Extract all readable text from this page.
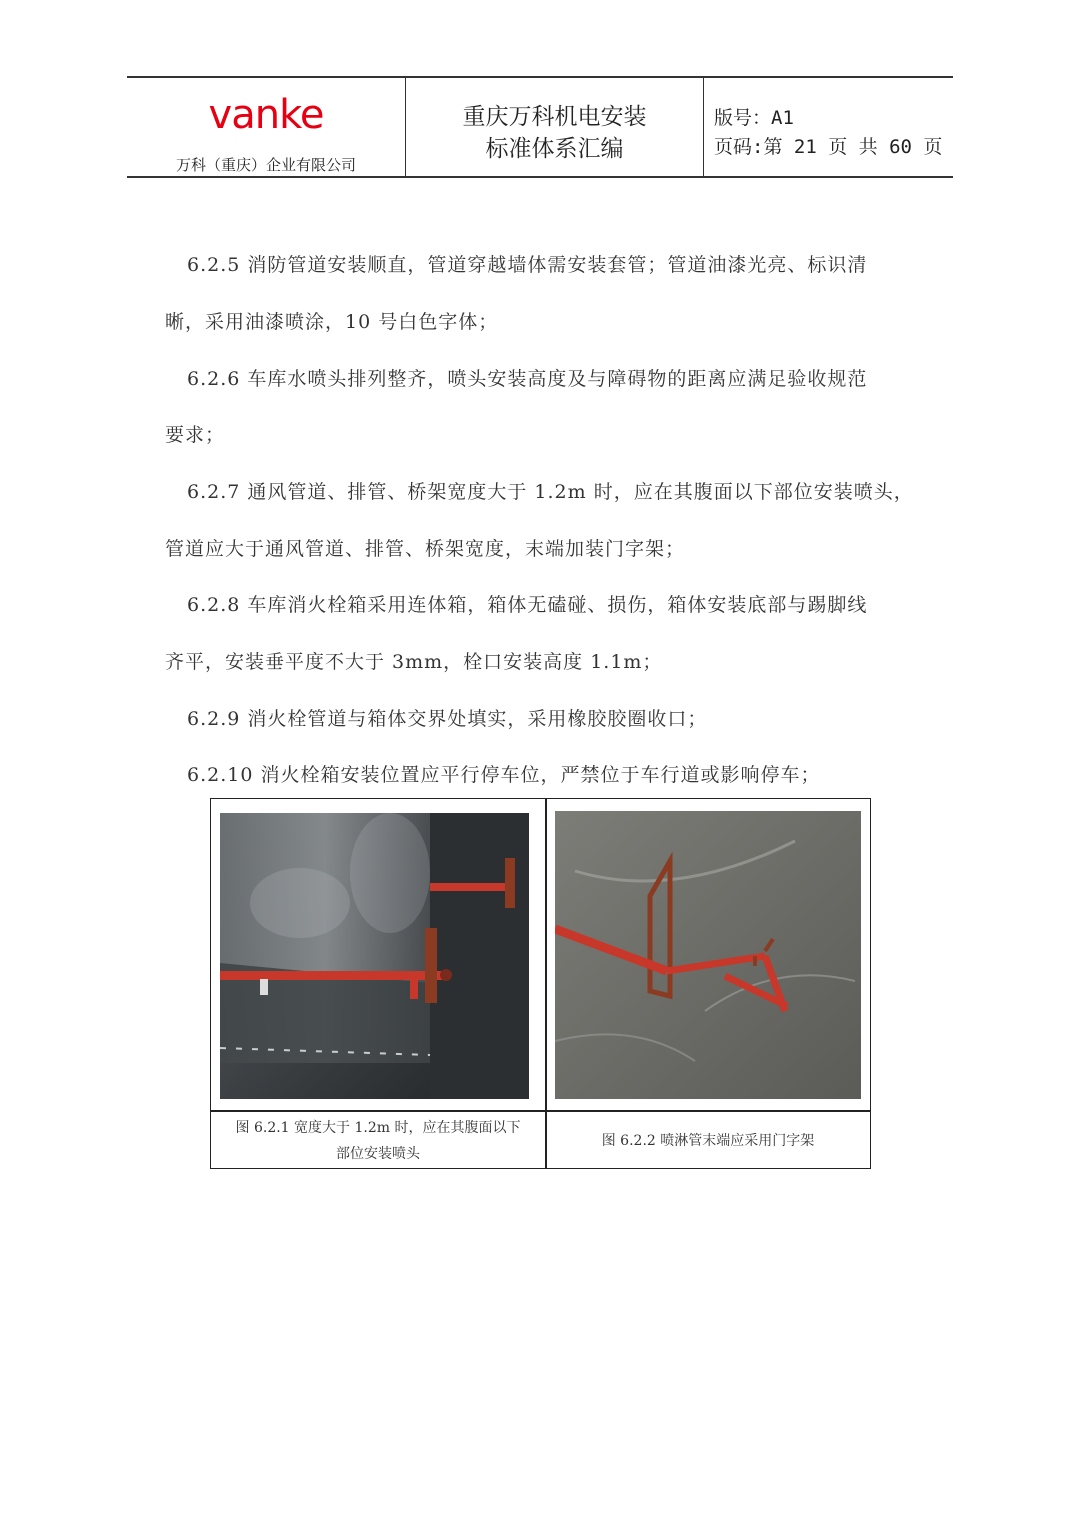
vanke
万科（重庆）企业有限公司
重庆万科机电安装
标准体系汇编
版号：A1
页码:第 21 页 共 60 页
6.2.5 消防管道安装顺直，管道穿越墙体需安装套管；管道油漆光亮、标识清
晰，采用油漆喷涂，10 号白色字体；
6.2.6 车库水喷头排列整齐，喷头安装高度及与障碍物的距离应满足验收规范
要求；
6.2.7 通风管道、排管、桥架宽度大于 1.2m 时，应在其腹面以下部位安装喷头，
管道应大于通风管道、排管、桥架宽度，末端加装门字架；
6.2.8 车库消火栓箱采用连体箱，箱体无磕碰、损伤，箱体安装底部与踢脚线
齐平，安装垂平度不大于 3mm，栓口安装高度 1.1m；
6.2.9 消火栓管道与箱体交界处填实，采用橡胶胶圈收口；
6.2.10 消火栓箱安装位置应平行停车位，严禁位于车行道或影响停车；
图 6.2.1 宽度大于 1.2m 时，应在其腹面以下
部位安装喷头
图 6.2.2 喷淋管末端应采用门字架
